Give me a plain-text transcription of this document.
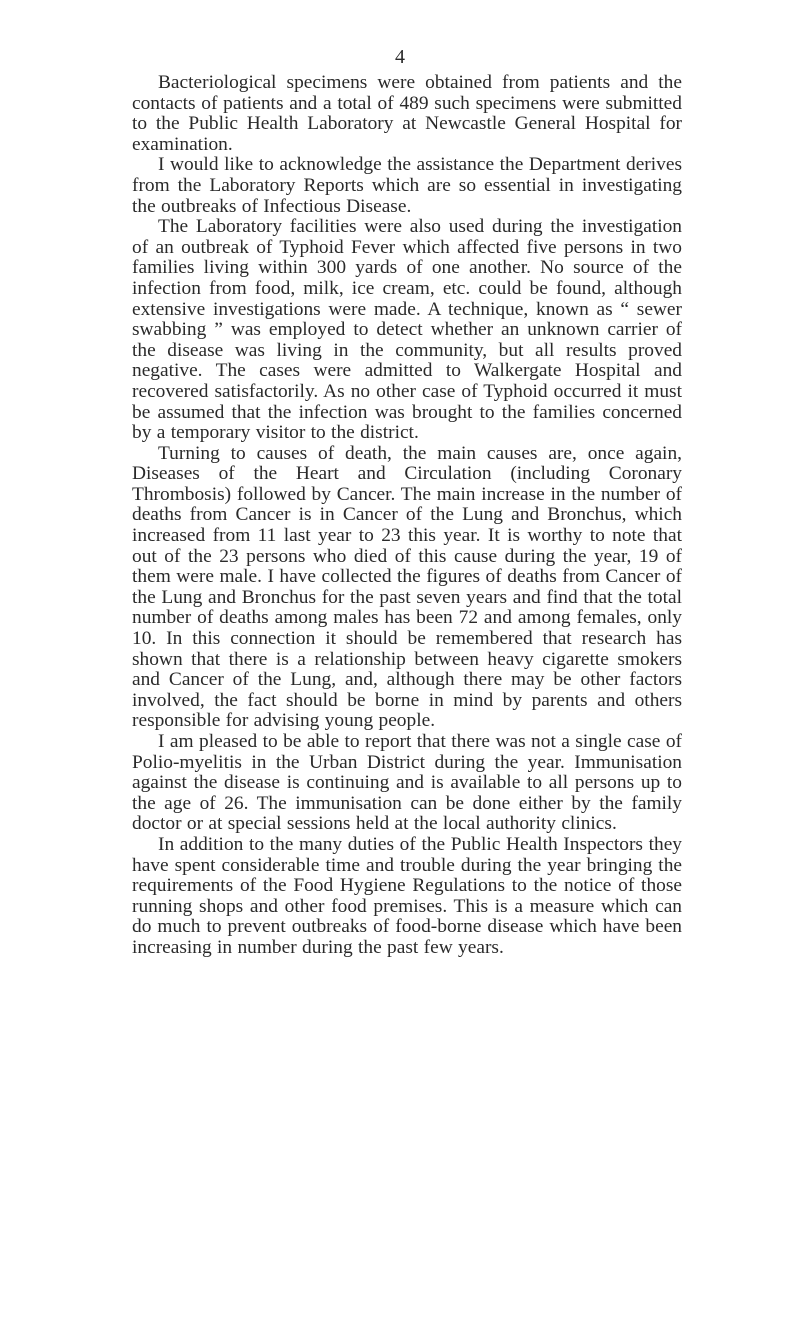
4

Bacteriological specimens were obtained from patients and the contacts of patients and a total of 489 such specimens were submitted to the Public Health Laboratory at Newcastle General Hospital for examination.

I would like to acknowledge the assistance the Department derives from the Laboratory Reports which are so essential in investigating the outbreaks of Infectious Disease.

The Laboratory facilities were also used during the investigation of an outbreak of Typhoid Fever which affected five persons in two families living within 300 yards of one another. No source of the infection from food, milk, ice cream, etc. could be found, although extensive investigations were made. A technique, known as “ sewer swabbing ” was employed to detect whether an unknown carrier of the disease was living in the community, but all results proved negative. The cases were admitted to Walkergate Hospital and recovered satisfactorily. As no other case of Typhoid occurred it must be assumed that the infection was brought to the families concerned by a temporary visitor to the district.

Turning to causes of death, the main causes are, once again, Diseases of the Heart and Circulation (including Coronary Thrombosis) followed by Cancer. The main increase in the number of deaths from Cancer is in Cancer of the Lung and Bronchus, which increased from 11 last year to 23 this year. It is worthy to note that out of the 23 persons who died of this cause during the year, 19 of them were male. I have collected the figures of deaths from Cancer of the Lung and Bronchus for the past seven years and find that the total number of deaths among males has been 72 and among females, only 10. In this connection it should be remembered that research has shown that there is a relationship between heavy cigarette smokers and Cancer of the Lung, and, although there may be other factors involved, the fact should be borne in mind by parents and others responsible for advising young people.

I am pleased to be able to report that there was not a single case of Polio-myelitis in the Urban District during the year. Immunisation against the disease is continuing and is available to all persons up to the age of 26. The immunisation can be done either by the family doctor or at special sessions held at the local authority clinics.

In addition to the many duties of the Public Health Inspectors they have spent considerable time and trouble during the year bringing the requirements of the Food Hygiene Regulations to the notice of those running shops and other food premises. This is a measure which can do much to prevent outbreaks of food-borne disease which have been increasing in number during the past few years.
